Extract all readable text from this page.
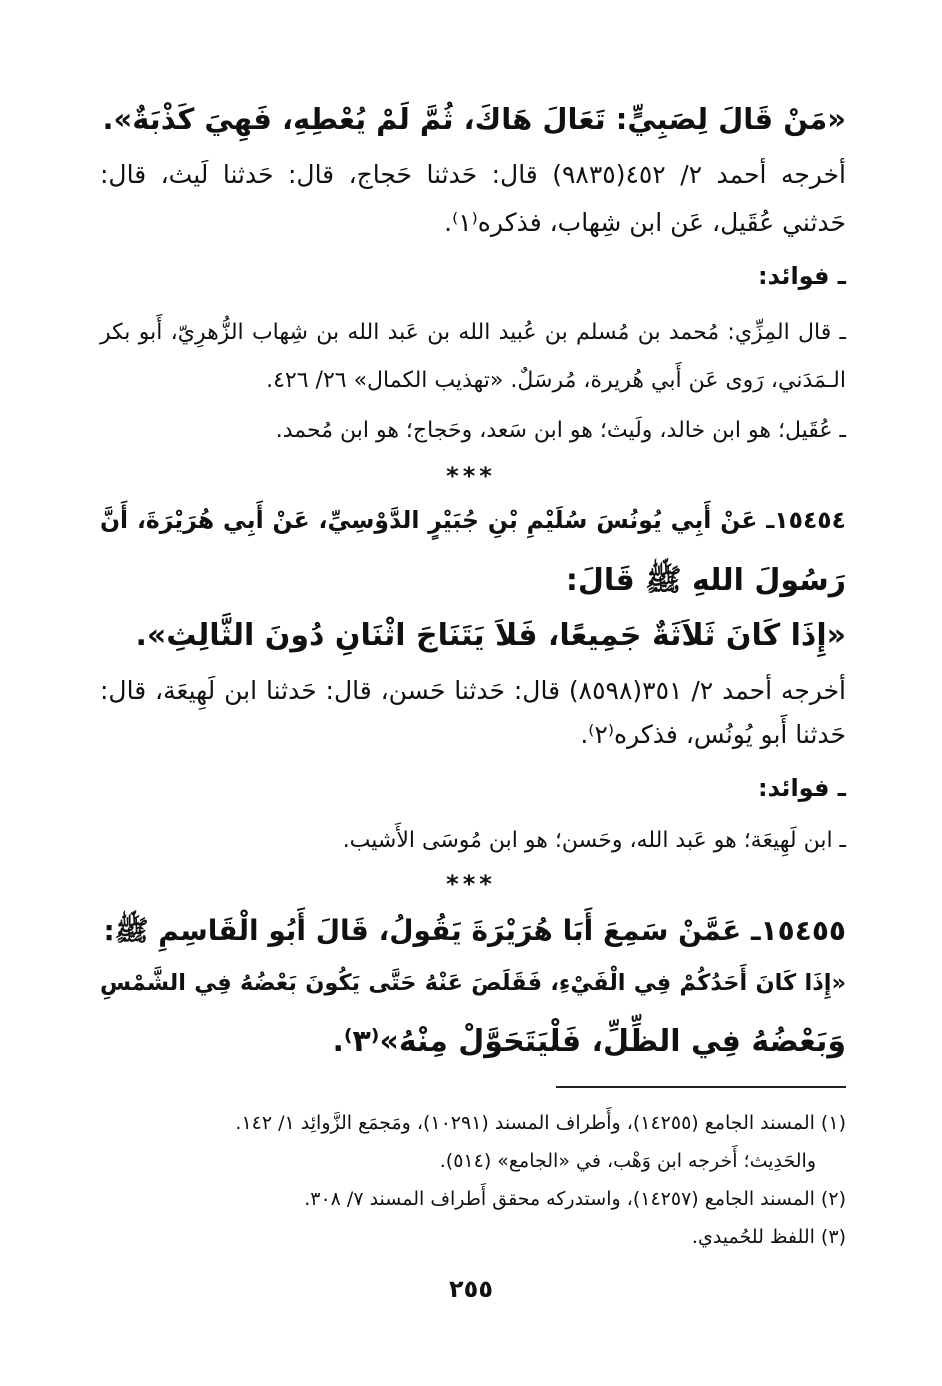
«مَنْ قَالَ لِصَبِيٍّ: تَعَالَ هَاكَ، ثُمَّ لَمْ يُعْطِهِ، فَهِيَ كَذْبَةٌ».
أخرجه أحمد ٢/ ٤٥٢(٩٨٣٥) قال: حَدثنا حَجاج، قال: حَدثنا لَيث، قال:
حَدثني عُقَيل، عَن ابن شِهاب، فذكره⁽١⁾.
ـ فوائد:
ـ قال المِزِّي: مُحمد بن مُسلم بن عُبيد الله بن عَبد الله بن شِهاب الزُّهرِيّ، أَبو بكر
الـمَدَني، رَوى عَن أَبي هُريرة، مُرسَلٌ. «تهذيب الكمال» ٢٦/ ٤٢٦.
ـ عُقَيل؛ هو ابن خالد، ولَيث؛ هو ابن سَعد، وحَجاج؛ هو ابن مُحمد.
***
١٥٤٥٤ـ عَنْ أَبِي يُونُسَ سُلَيْمِ بْنِ جُبَيْرٍ الدَّوْسِيِّ، عَنْ أَبِي هُرَيْرَةَ، أَنَّ
رَسُولَ اللهِ ﷺ قَالَ:
«إِذَا كَانَ ثَلاَثَةٌ جَمِيعًا، فَلاَ يَتَنَاجَ اثْنَانِ دُونَ الثَّالِثِ».
أخرجه أحمد ٢/ ٣٥١(٨٥٩٨) قال: حَدثنا حَسن، قال: حَدثنا ابن لَهِيعَة، قال:
حَدثنا أَبو يُونُس، فذكره⁽٢⁾.
ـ فوائد:
ـ ابن لَهِيعَة؛ هو عَبد الله، وحَسن؛ هو ابن مُوسَى الأَشيب.
***
١٥٤٥٥ـ عَمَّنْ سَمِعَ أَبَا هُرَيْرَةَ يَقُولُ، قَالَ أَبُو الْقَاسِمِ ﷺ:
«إِذَا كَانَ أَحَدُكُمْ فِي الْفَيْءِ، فَقَلَصَ عَنْهُ حَتَّى يَكُونَ بَعْضُهُ فِي الشَّمْسِ
وَبَعْضُهُ فِي الظِّلِّ، فَلْيَتَحَوَّلْ مِنْهُ»⁽٣⁾.
(١) المسند الجامع (١٤٢٥٥)، وأَطراف المسند (١٠٢٩١)، ومَجمَع الزَّوائِد ١/ ١٤٢.
والحَدِيث؛ أَخرجه ابن وَهْب، في «الجامع» (٥١٤).
(٢) المسند الجامع (١٤٢٥٧)، واستدركه محقق أَطراف المسند ٧/ ٣٠٨.
(٣) اللفظ للحُميدي.
٢٥٥
